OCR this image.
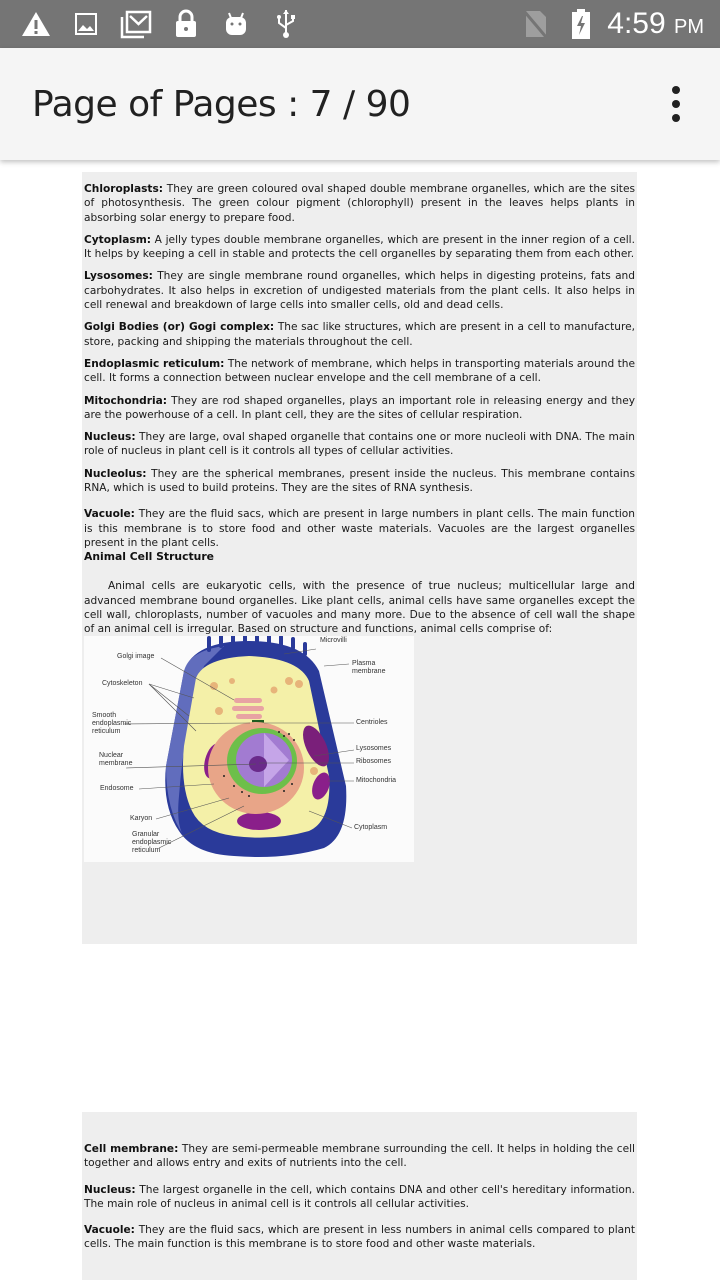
4:59 PM
Page of Pages : 7 / 90

Chloroplasts: They are green coloured oval shaped double membrane organelles, which are the sites of photosynthesis. The green colour pigment (chlorophyll) present in the leaves helps plants in absorbing solar energy to prepare food.

Cytoplasm: A jelly types double membrane organelles, which are present in the inner region of a cell. It helps by keeping a cell in stable and protects the cell organelles by separating them from each other.

Lysosomes: They are single membrane round organelles, which helps in digesting proteins, fats and carbohydrates. It also helps in excretion of undigested materials from the plant cells. It also helps in cell renewal and breakdown of large cells into smaller cells, old and dead cells.

Golgi Bodies (or) Gogi complex: The sac like structures, which are present in a cell to manufacture, store, packing and shipping the materials throughout the cell.

Endoplasmic reticulum: The network of membrane, which helps in transporting materials around the cell. It forms a connection between nuclear envelope and the cell membrane of a cell.

Mitochondria: They are rod shaped organelles, plays an important role in releasing energy and they are the powerhouse of a cell. In plant cell, they are the sites of cellular respiration.

Nucleus: They are large, oval shaped organelle that contains one or more nucleoli with DNA. The main role of nucleus in plant cell is it controls all types of cellular activities.

Nucleolus: They are the spherical membranes, present inside the nucleus. This membrane contains RNA, which is used to build proteins. They are the sites of RNA synthesis.

Vacuole: They are the fluid sacs, which are present in large numbers in plant cells. The main function is this membrane is to store food and other waste materials. Vacuoles are the largest organelles present in the plant cells.

Animal Cell Structure

Animal cells are eukaryotic cells, with the presence of true nucleus; multicellular large and advanced membrane bound organelles. Like plant cells, animal cells have same organelles except the cell wall, chloroplasts, number of vacuoles and many more. Due to the absence of cell wall the shape of an animal cell is irregular. Based on structure and functions, animal cells comprise of:

Golgi image
Cytoskeleton
Smooth endoplasmic reticulum
Nuclear membrane
Endosome
Karyon
Granular endoplasmic reticulum
Microvilli
Plasma membrane
Centrioles
Lysosomes
Ribosomes
Mitochondria
Cytoplasm

Cell membrane: They are semi-permeable membrane surrounding the cell. It helps in holding the cell together and allows entry and exits of nutrients into the cell.

Nucleus: The largest organelle in the cell, which contains DNA and other cell's hereditary information. The main role of nucleus in animal cell is it controls all cellular activities.

Vacuole: They are the fluid sacs, which are present in less numbers in animal cells compared to plant cells. The main function is this membrane is to store food and other waste materials.
